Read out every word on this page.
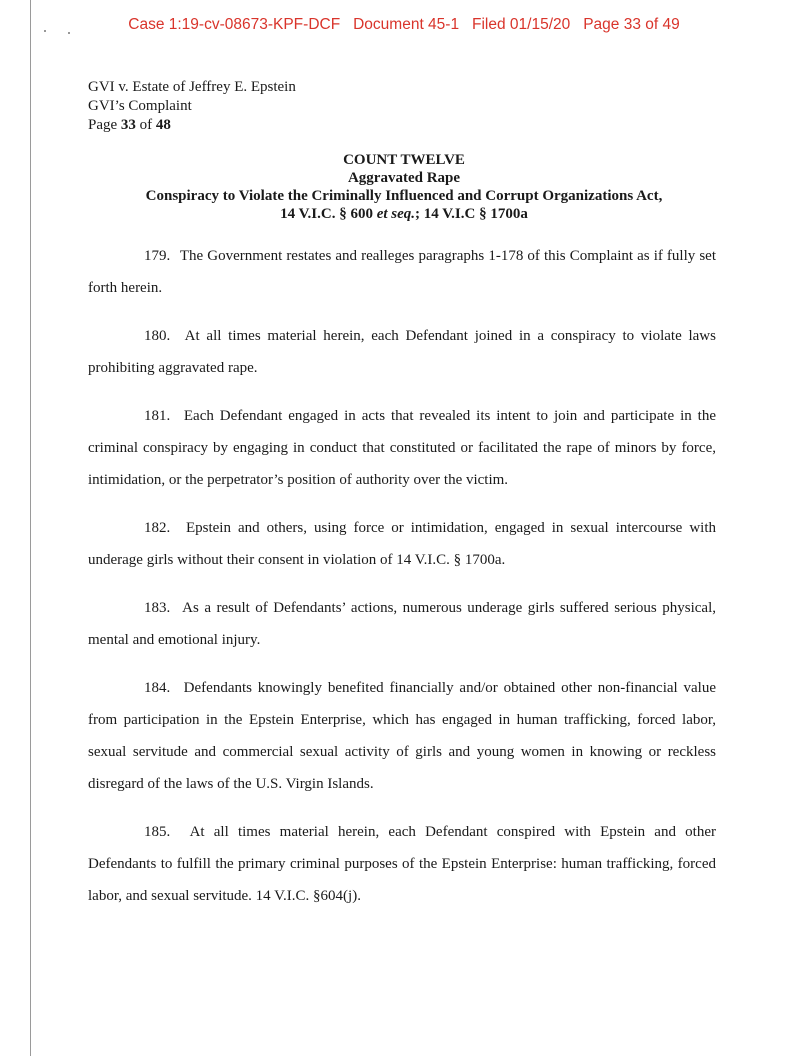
Case 1:19-cv-08673-KPF-DCF Document 45-1 Filed 01/15/20 Page 33 of 49
GVI v. Estate of Jeffrey E. Epstein
GVI’s Complaint
Page 33 of 48
COUNT TWELVE
Aggravated Rape
Conspiracy to Violate the Criminally Influenced and Corrupt Organizations Act,
14 V.I.C. § 600 et seq.; 14 V.I.C § 1700a

179. The Government restates and realleges paragraphs 1-178 of this Complaint as if fully set forth herein.

180. At all times material herein, each Defendant joined in a conspiracy to violate laws prohibiting aggravated rape.

181. Each Defendant engaged in acts that revealed its intent to join and participate in the criminal conspiracy by engaging in conduct that constituted or facilitated the rape of minors by force, intimidation, or the perpetrator’s position of authority over the victim.

182. Epstein and others, using force or intimidation, engaged in sexual intercourse with underage girls without their consent in violation of 14 V.I.C. § 1700a.

183. As a result of Defendants’ actions, numerous underage girls suffered serious physical, mental and emotional injury.

184. Defendants knowingly benefited financially and/or obtained other non-financial value from participation in the Epstein Enterprise, which has engaged in human trafficking, forced labor, sexual servitude and commercial sexual activity of girls and young women in knowing or reckless disregard of the laws of the U.S. Virgin Islands.

185. At all times material herein, each Defendant conspired with Epstein and other Defendants to fulfill the primary criminal purposes of the Epstein Enterprise: human trafficking, forced labor, and sexual servitude. 14 V.I.C. §604(j).
